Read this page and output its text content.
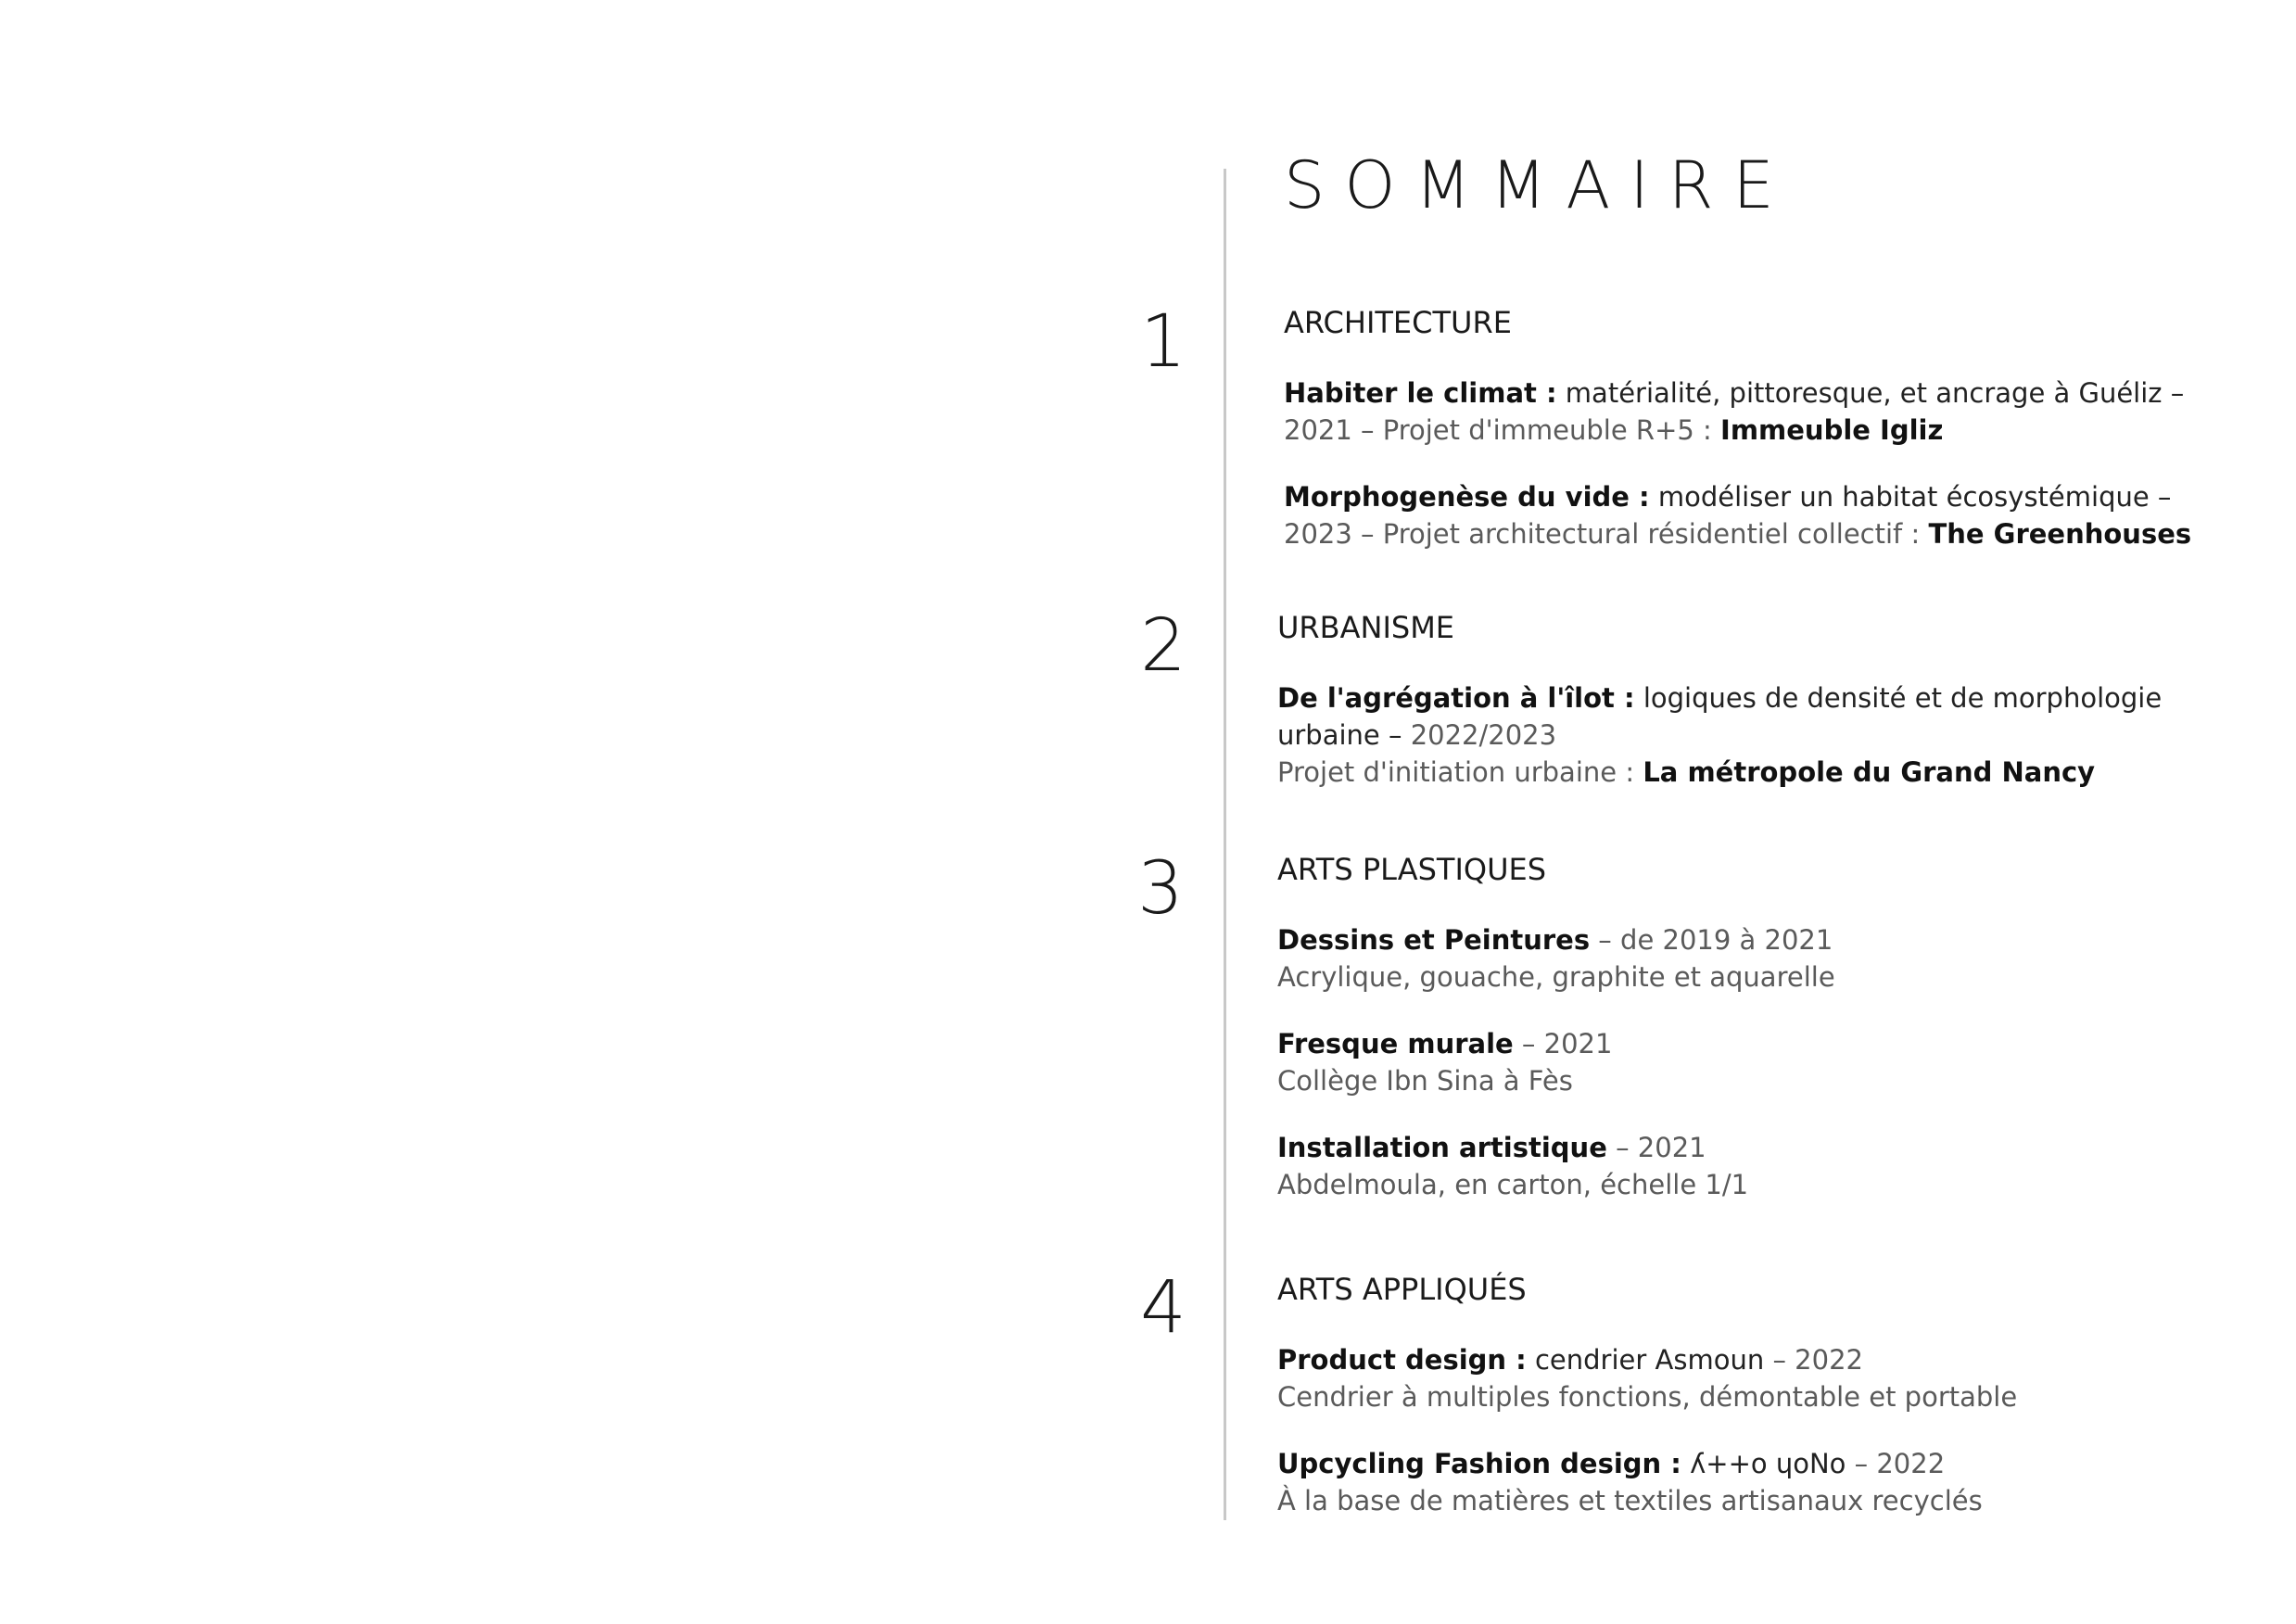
SOMMAIRE
1	ARCHITECTURE
Habiter le climat : matérialité, pittoresque, et ancrage à Guéliz –
2021 – Projet d'immeuble R+5 : Immeuble Igliz
Morphogenèse du vide : modéliser un habitat écosystémique –
2023 – Projet architectural résidentiel collectif : The Greenhouses
2	URBANISME
De l'agrégation à l'îlot : logiques de densité et de morphologie
urbaine – 2022/2023
Projet d'initiation urbaine : La métropole du Grand Nancy
3	ARTS PLASTIQUES
Dessins et Peintures – de 2019 à 2021
Acrylique, gouache, graphite et aquarelle
Fresque murale – 2021
Collège Ibn Sina à Fès
Installation artistique – 2021
Abdelmoula, en carton, échelle 1/1
4	ARTS APPLIQUÉS
Product design : cendrier Asmoun – 2022
Cendrier à multiples fonctions, démontable et portable
Upcycling Fashion design : ʎ++o ɥoNo – 2022
À la base de matières et textiles artisanaux recyclés
